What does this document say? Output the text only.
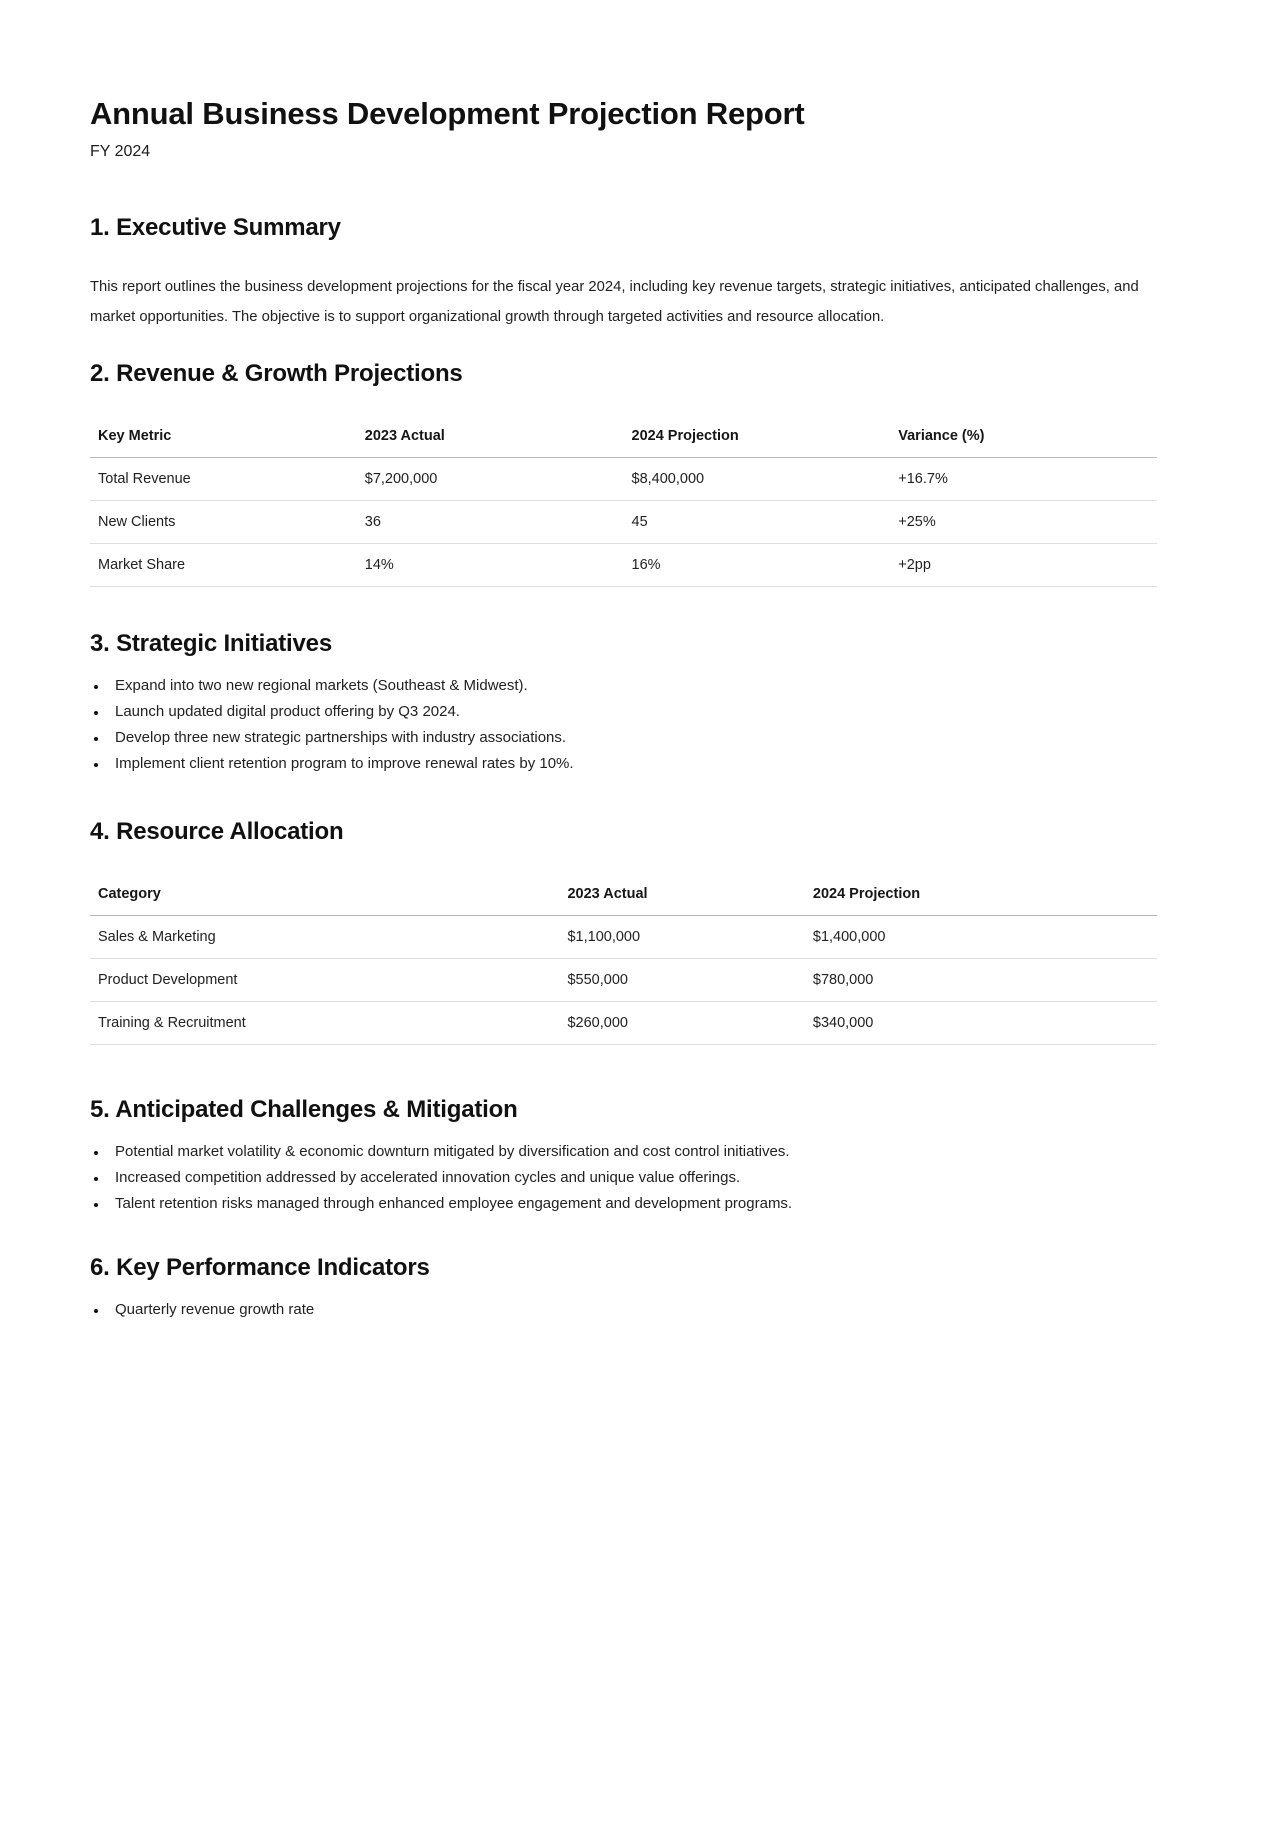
Annual Business Development Projection Report

FY 2024

1. Executive Summary

This report outlines the business development projections for the fiscal year 2024, including key revenue targets, strategic initiatives, anticipated challenges, and market opportunities. The objective is to support organizational growth through targeted activities and resource allocation.

2. Revenue & Growth Projections
Key Metric	2023 Actual	2024 Projection	Variance (%)
Total Revenue	$7,200,000	$8,400,000	+16.7%
New Clients	36	45	+25%
Market Share	14%	16%	+2pp
3. Strategic Initiatives
• Expand into two new regional markets (Southeast & Midwest).
• Launch updated digital product offering by Q3 2024.
• Develop three new strategic partnerships with industry associations.
• Implement client retention program to improve renewal rates by 10%.
4. Resource Allocation
Category	2023 Actual	2024 Projection
Sales & Marketing	$1,100,000	$1,400,000
Product Development	$550,000	$780,000
Training & Recruitment	$260,000	$340,000
5. Anticipated Challenges & Mitigation
• Potential market volatility & economic downturn mitigated by diversification and cost control initiatives.
• Increased competition addressed by accelerated innovation cycles and unique value offerings.
• Talent retention risks managed through enhanced employee engagement and development programs.
6. Key Performance Indicators
• Quarterly revenue growth rate
